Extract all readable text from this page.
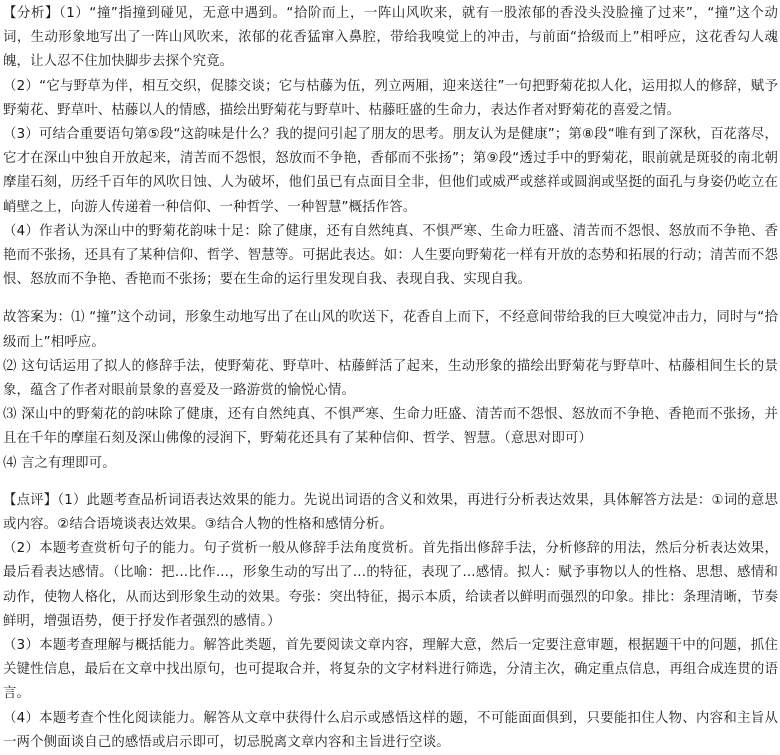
【分析】（1）“撞”指撞到碰见，无意中遇到。“拾阶而上，一阵山风吹来，就有一股浓郁的香没头没脸撞了过来”，“撞”这个动词，生动形象地写出了一阵山风吹来，浓郁的花香猛窜入鼻腔，带给我嗅觉上的冲击，与前面“拾级而上”相呼应，这花香勾人魂魄，让人忍不住加快脚步去探个究竟。

（2）“它与野草为伴，相互交织，促膝交谈；它与枯藤为伍，列立两厢，迎来送往”一句把野菊花拟人化，运用拟人的修辞，赋予野菊花、野草叶、枯藤以人的情感，描绘出野菊花与野草叶、枯藤旺盛的生命力，表达作者对野菊花的喜爱之情。

（3）可结合重要语句第⑤段“这韵味是什么？我的提问引起了朋友的思考。朋友认为是健康”；第⑧段“唯有到了深秋，百花落尽，它才在深山中独自开放起来，清苦而不怨恨，怒放而不争艳，香郁而不张扬”；第⑨段“透过手中的野菊花，眼前就是斑驳的南北朝摩崖石刻，历经千百年的风吹日蚀、人为破坏，他们虽已有点面目全非，但他们或威严或慈祥或圆润或坚挺的面孔与身姿仍屹立在峭壁之上，向游人传递着一种信仰、一种哲学、一种智慧”概括作答。

（4）作者认为深山中的野菊花韵味十足：除了健康，还有自然纯真、不惧严寒、生命力旺盛、清苦而不怨恨、怒放而不争艳、香艳而不张扬，还具有了某种信仰、哲学、智慧等。可据此表达。如：人生要向野菊花一样有开放的态势和拓展的行动；清苦而不怨恨、怒放而不争艳、香艳而不张扬；要在生命的运行里发现自我、表现自我、实现自我。

故答案为：⑴ “撞”这个动词，形象生动地写出了在山风的吹送下，花香自上而下，不经意间带给我的巨大嗅觉冲击力，同时与“拾级而上”相呼应。

⑵ 这句话运用了拟人的修辞手法，使野菊花、野草叶、枯藤鲜活了起来，生动形象的描绘出野菊花与野草叶、枯藤相间生长的景象，蕴含了作者对眼前景象的喜爱及一路游赏的愉悦心情。

⑶ 深山中的野菊花的韵味除了健康，还有自然纯真、不惧严寒、生命力旺盛、清苦而不怨恨、怒放而不争艳、香艳而不张扬，并且在千年的摩崖石刻及深山佛像的浸润下，野菊花还具有了某种信仰、哲学、智慧。（意思对即可）

⑷ 言之有理即可。

【点评】（1）此题考查品析词语表达效果的能力。先说出词语的含义和效果，再进行分析表达效果，具体解答方法是：①词的意思或内容。②结合语境谈表达效果。③结合人物的性格和感情分析。

（2）本题考查赏析句子的能力。句子赏析一般从修辞手法角度赏析。首先指出修辞手法，分析修辞的用法，然后分析表达效果，最后看表达感情。（比喻：把...比作...，形象生动的写出了...的特征，表现了...感情。拟人：赋予事物以人的性格、思想、感情和动作，使物人格化，从而达到形象生动的效果。夸张：突出特征，揭示本质，给读者以鲜明而强烈的印象。排比：条理清晰，节奏鲜明，增强语势，便于抒发作者强烈的感情。）

（3）本题考查理解与概括能力。解答此类题，首先要阅读文章内容，理解大意，然后一定要注意审题，根据题干中的问题，抓住关键性信息，最后在文章中找出原句，也可提取合并，将复杂的文字材料进行筛选，分清主次，确定重点信息，再组合成连贯的语言。

（4）本题考查个性化阅读能力。解答从文章中获得什么启示或感悟这样的题，不可能面面俱到，只要能扣住人物、内容和主旨从一两个侧面谈自己的感悟或启示即可，切忌脱离文章内容和主旨进行空谈。
